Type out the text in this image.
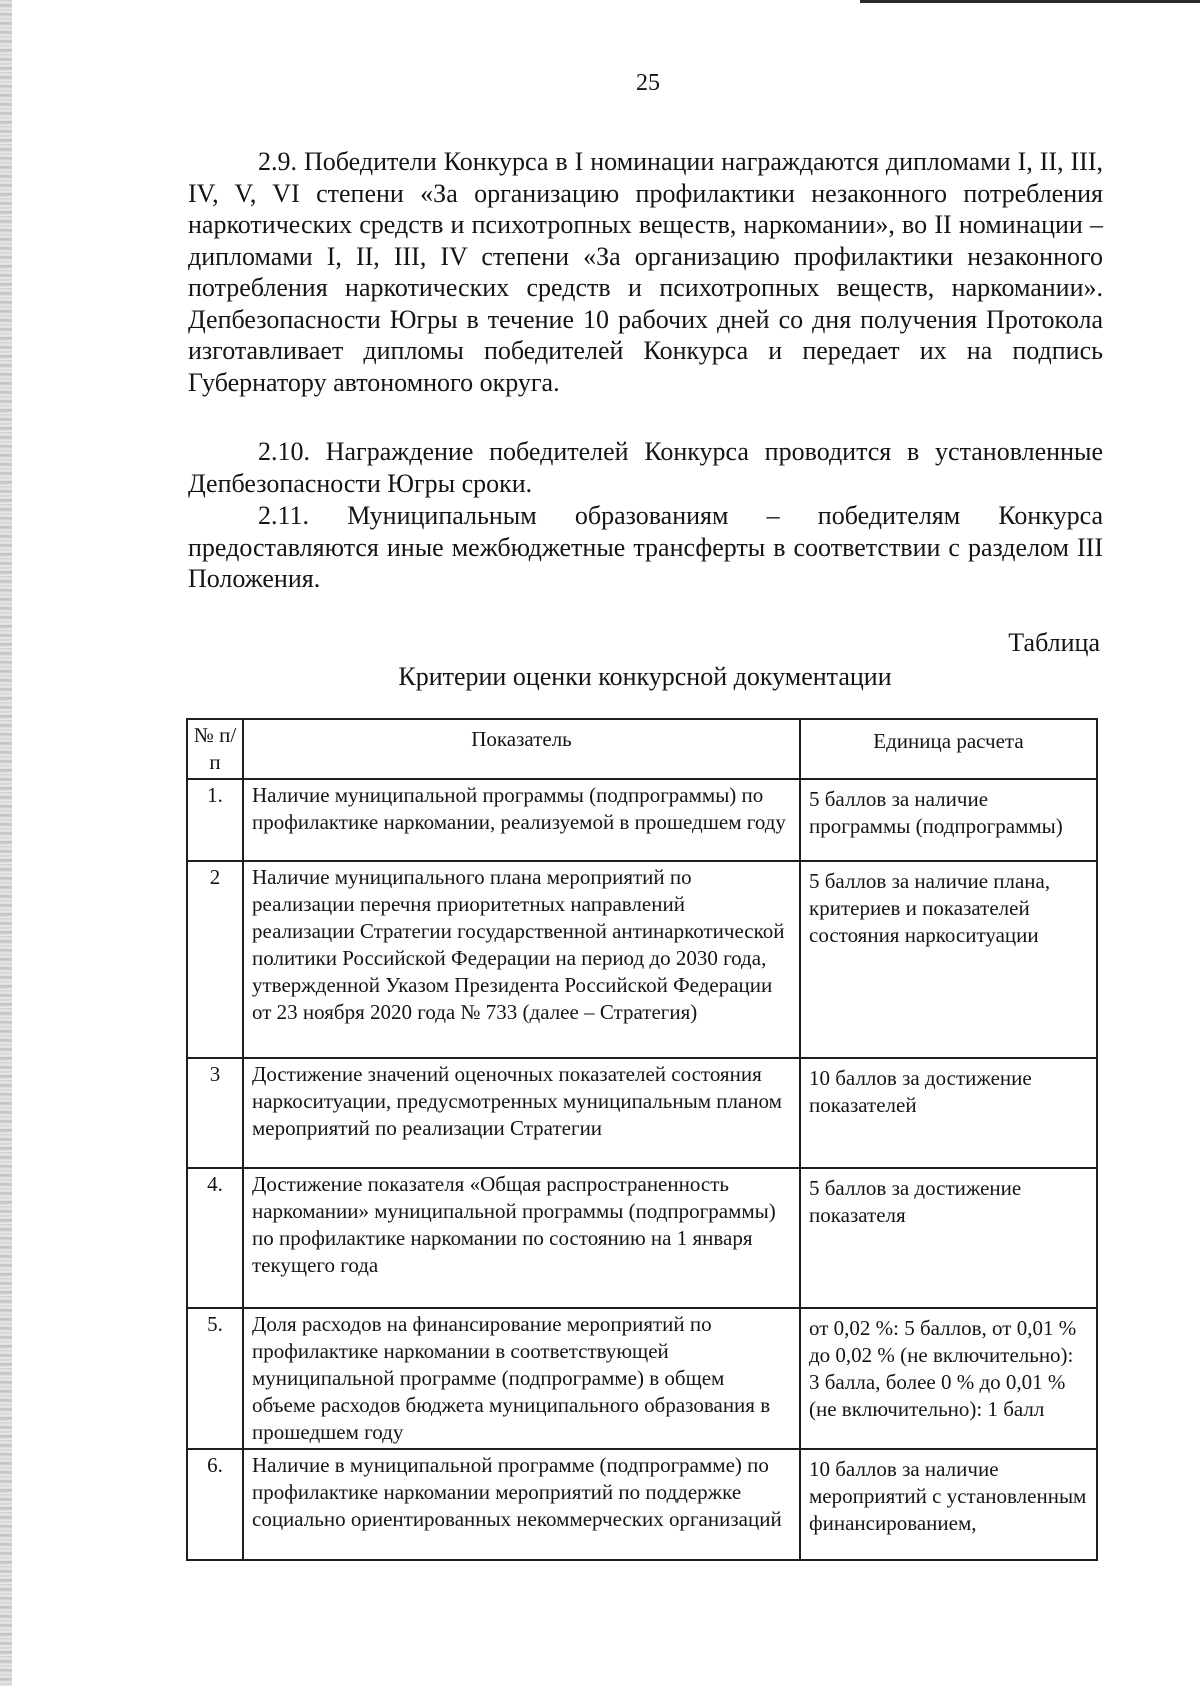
25

2.9. Победители Конкурса в I номинации награждаются дипломами I, II, III, IV, V, VI степени «За организацию профилактики незаконного потребления наркотических средств и психотропных веществ, наркомании», во II номинации – дипломами I, II, III, IV степени «За организацию профилактики незаконного потребления наркотических средств и психотропных веществ, наркомании». Депбезопасности Югры в течение 10 рабочих дней со дня получения Протокола изготавливает дипломы победителей Конкурса и передает их на подпись Губернатору автономного округа.

2.10. Награждение победителей Конкурса проводится в установленные Депбезопасности Югры сроки.

2.11. Муниципальным образованиям – победителям Конкурса предоставляются иные межбюджетные трансферты в соответствии с разделом III Положения.

Таблица
Критерии оценки конкурсной документации
№ п/п	Показатель	Единица расчета
1.	Наличие муниципальной программы (подпрограммы) по профилактике наркомании, реализуемой в прошедшем году	5 баллов за наличие программы (подпрограммы)
2	Наличие муниципального плана мероприятий по реализации перечня приоритетных направлений реализации Стратегии государственной антинаркотической политики Российской Федерации на период до 2030 года, утвержденной Указом Президента Российской Федерации от 23 ноября 2020 года № 733 (далее – Стратегия)	5 баллов за наличие плана, критериев и показателей состояния наркоситуации
3	Достижение значений оценочных показателей состояния наркоситуации, предусмотренных муниципальным планом мероприятий по реализации Стратегии	10 баллов за достижение показателей
4.	Достижение показателя «Общая распространенность наркомании» муниципальной программы (подпрограммы) по профилактике наркомании по состоянию на 1 января текущего года	5 баллов за достижение показателя
5.	Доля расходов на финансирование мероприятий по профилактике наркомании в соответствующей муниципальной программе (подпрограмме) в общем объеме расходов бюджета муниципального образования в прошедшем году	от 0,02 %: 5 баллов, от 0,01 % до 0,02 % (не включительно): 3 балла, более 0 % до 0,01 % (не включительно): 1 балл
6.	Наличие в муниципальной программе (подпрограмме) по профилактике наркомании мероприятий по поддержке социально ориентированных некоммерческих организаций	10 баллов за наличие мероприятий с установленным финансированием,
